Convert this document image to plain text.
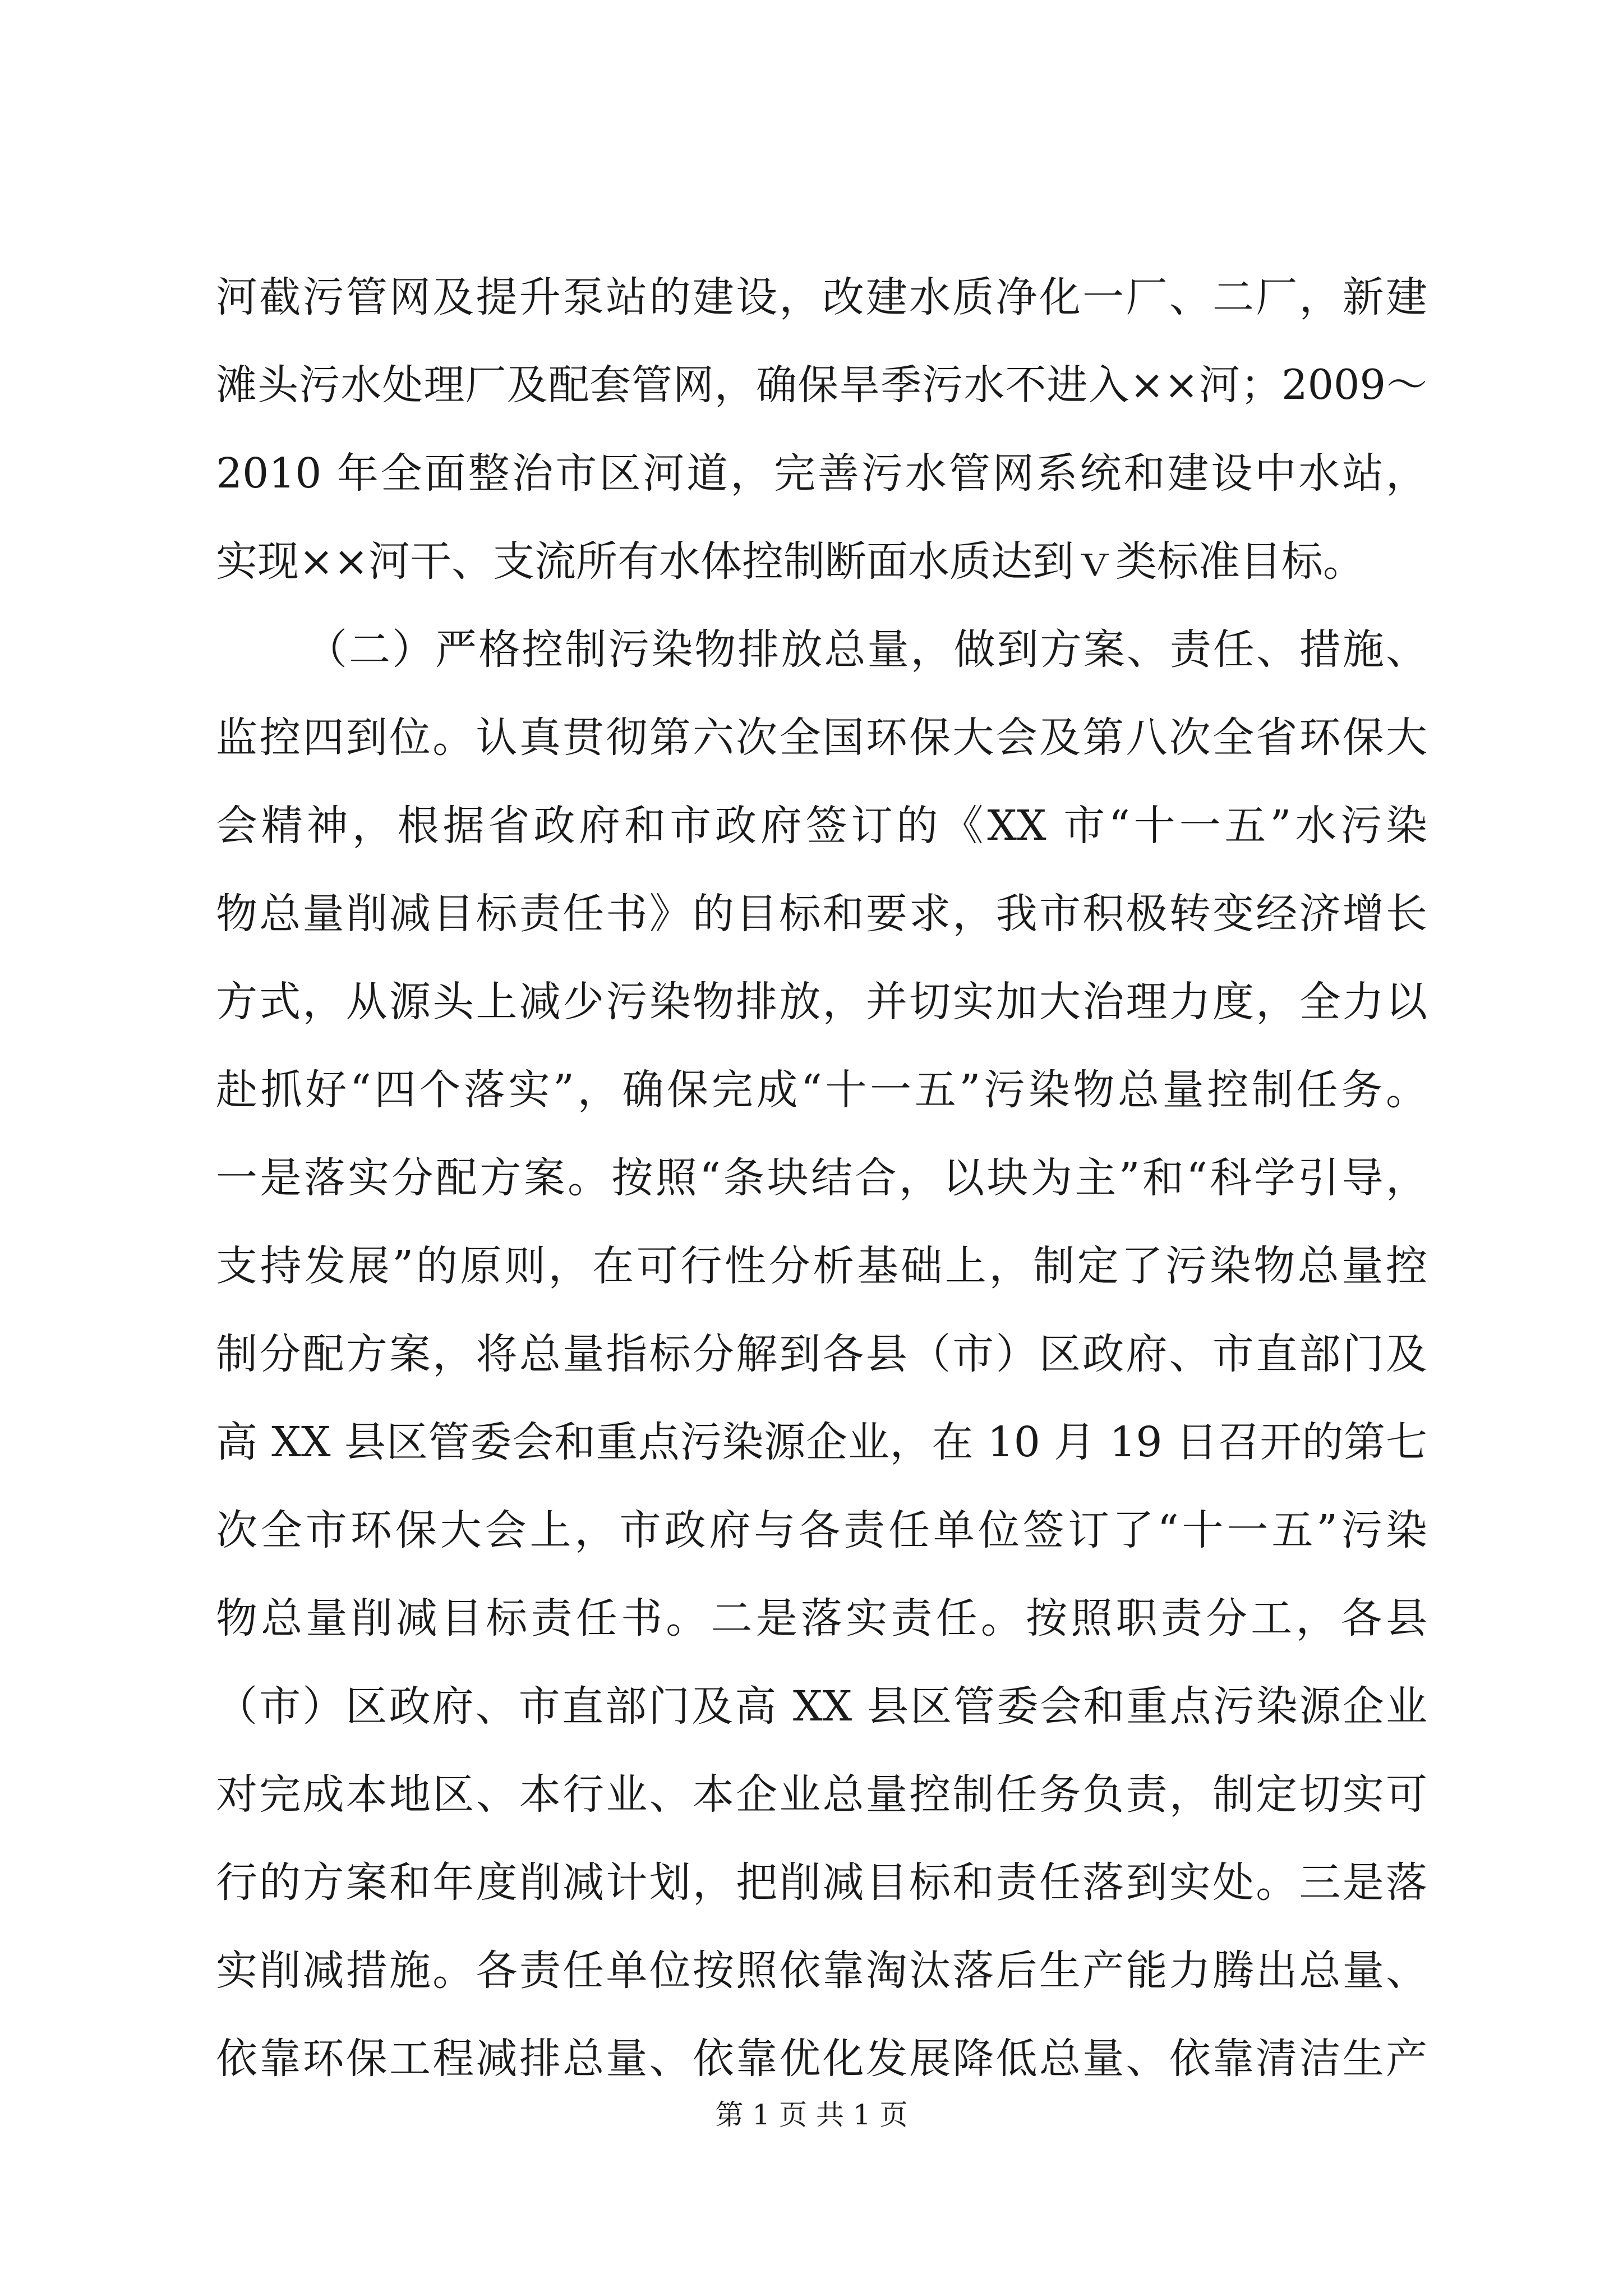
河截污管网及提升泵站的建设，改建水质净化一厂、二厂，新建
滩头污水处理厂及配套管网，确保旱季污水不进入××河；2009～
2010 年全面整治市区河道，完善污水管网系统和建设中水站，
实现××河干、支流所有水体控制断面水质达到ｖ类标准目标。
（二）严格控制污染物排放总量，做到方案、责任、措施、
监控四到位。认真贯彻第六次全国环保大会及第八次全省环保大
会精神，根据省政府和市政府签订的《XX 市“十一五”水污染
物总量削减目标责任书》的目标和要求，我市积极转变经济增长
方式，从源头上减少污染物排放，并切实加大治理力度，全力以
赴抓好“四个落实”，确保完成“十一五”污染物总量控制任务。
一是落实分配方案。按照“条块结合，以块为主”和“科学引导，
支持发展”的原则，在可行性分析基础上，制定了污染物总量控
制分配方案，将总量指标分解到各县（市）区政府、市直部门及
高 XX 县区管委会和重点污染源企业，在 10 月 19 日召开的第七
次全市环保大会上，市政府与各责任单位签订了“十一五”污染
物总量削减目标责任书。二是落实责任。按照职责分工，各县
（市）区政府、市直部门及高 XX 县区管委会和重点污染源企业
对完成本地区、本行业、本企业总量控制任务负责，制定切实可
行的方案和年度削减计划，把削减目标和责任落到实处。三是落
实削减措施。各责任单位按照依靠淘汰落后生产能力腾出总量、
依靠环保工程减排总量、依靠优化发展降低总量、依靠清洁生产
第 1 页 共 1 页
